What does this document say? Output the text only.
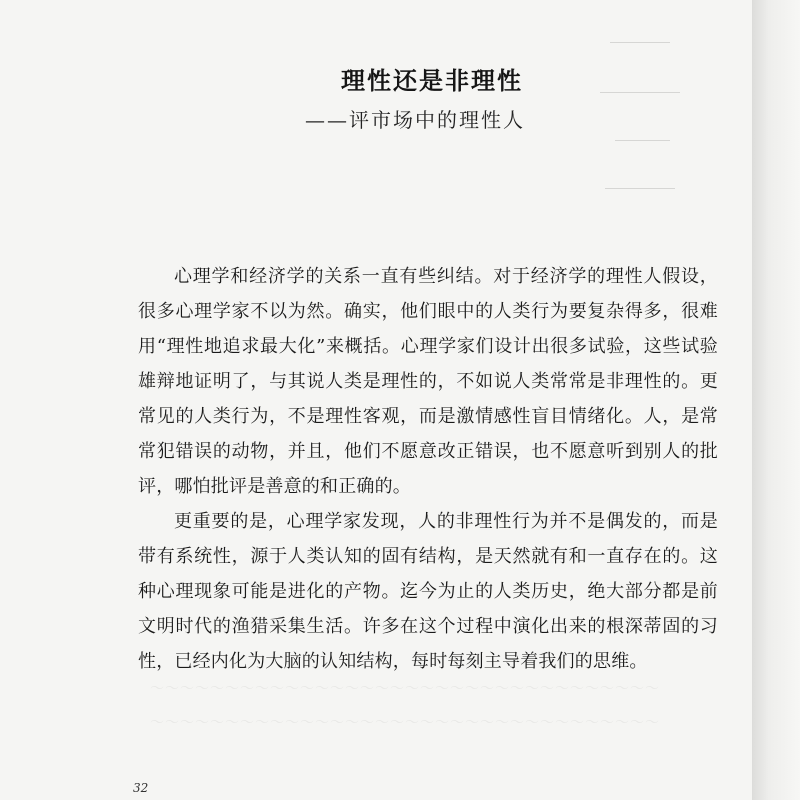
理性还是非理性
——评市场中的理性人

心理学和经济学的关系一直有些纠结。对于经济学的理性人假设，很多心理学家不以为然。确实，他们眼中的人类行为要复杂得多，很难用“理性地追求最大化”来概括。心理学家们设计出很多试验，这些试验雄辩地证明了，与其说人类是理性的，不如说人类常常是非理性的。更常见的人类行为，不是理性客观，而是激情感性盲目情绪化。人，是常常犯错误的动物，并且，他们不愿意改正错误，也不愿意听到别人的批评，哪怕批评是善意的和正确的。

更重要的是，心理学家发现，人的非理性行为并不是偶发的，而是带有系统性，源于人类认知的固有结构，是天然就有和一直存在的。这种心理现象可能是进化的产物。迄今为止的人类历史，绝大部分都是前文明时代的渔猎采集生活。许多在这个过程中演化出来的根深蒂固的习性，已经内化为大脑的认知结构，每时每刻主导着我们的思维。

～～～～～～～～～～～～～～～～～～～～～～～～～～～～～～～～～～
～～～～～～～～～～～～～～～～～～～～～～～～～～～～～～～～～～
32
